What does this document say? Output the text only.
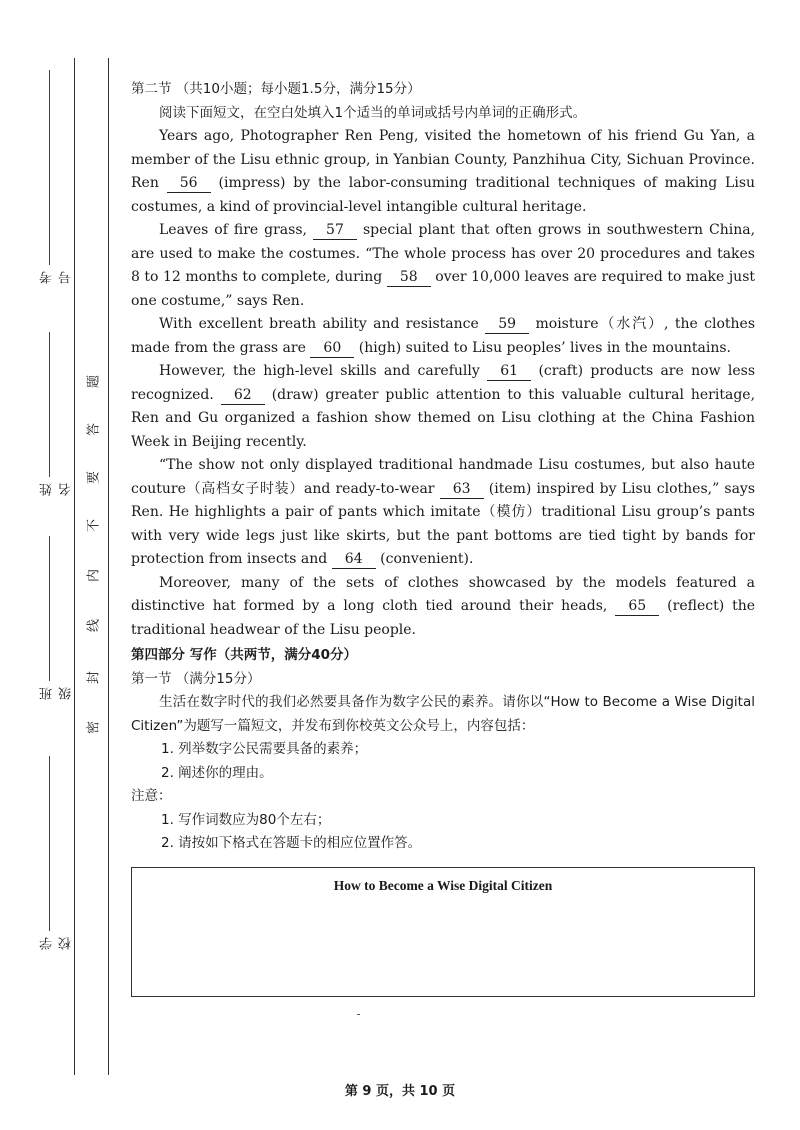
考号
姓名
班级
学校
题
答
要
不
内
线
封
密

第二节 （共10小题；每小题1.5分，满分15分）

阅读下面短文，在空白处填入1个适当的单词或括号内单词的正确形式。

Years ago, Photographer Ren Peng, visited the hometown of his friend Gu Yan, a member of the Lisu ethnic group, in Yanbian County, Panzhihua City, Sichuan Province. Ren 56 (impress) by the labor-consuming traditional techniques of making Lisu costumes, a kind of provincial-level intangible cultural heritage.

Leaves of fire grass, 57 special plant that often grows in southwestern China, are used to make the costumes. “The whole process has over 20 procedures and takes 8 to 12 months to complete, during 58 over 10,000 leaves are required to make just one costume,” says Ren.

With excellent breath ability and resistance 59 moisture（水汽）, the clothes made from the grass are 60 (high) suited to Lisu peoples’ lives in the mountains.

However, the high-level skills and carefully 61 (craft) products are now less recognized. 62 (draw) greater public attention to this valuable cultural heritage, Ren and Gu organized a fashion show themed on Lisu clothing at the China Fashion Week in Beijing recently.

“The show not only displayed traditional handmade Lisu costumes, but also haute couture（高档女子时装）and ready-to-wear 63 (item) inspired by Lisu clothes,” says Ren. He highlights a pair of pants which imitate（模仿）traditional Lisu group’s pants with very wide legs just like skirts, but the pant bottoms are tied tight by bands for protection from insects and 64 (convenient).

Moreover, many of the sets of clothes showcased by the models featured a distinctive hat formed by a long cloth tied around their heads, 65 (reflect) the traditional headwear of the Lisu people.

第四部分 写作（共两节，满分40分）

第一节 （满分15分）

生活在数字时代的我们必然要具备作为数字公民的素养。请你以“How to Become a Wise Digital Citizen”为题写一篇短文，并发布到你校英文公众号上，内容包括：

1. 列举数字公民需要具备的素养；

2. 阐述你的理由。

注意：

1. 写作词数应为80个左右；

2. 请按如下格式在答题卡的相应位置作答。

How to Become a Wise Digital Citizen
第 9 页，共 10 页
